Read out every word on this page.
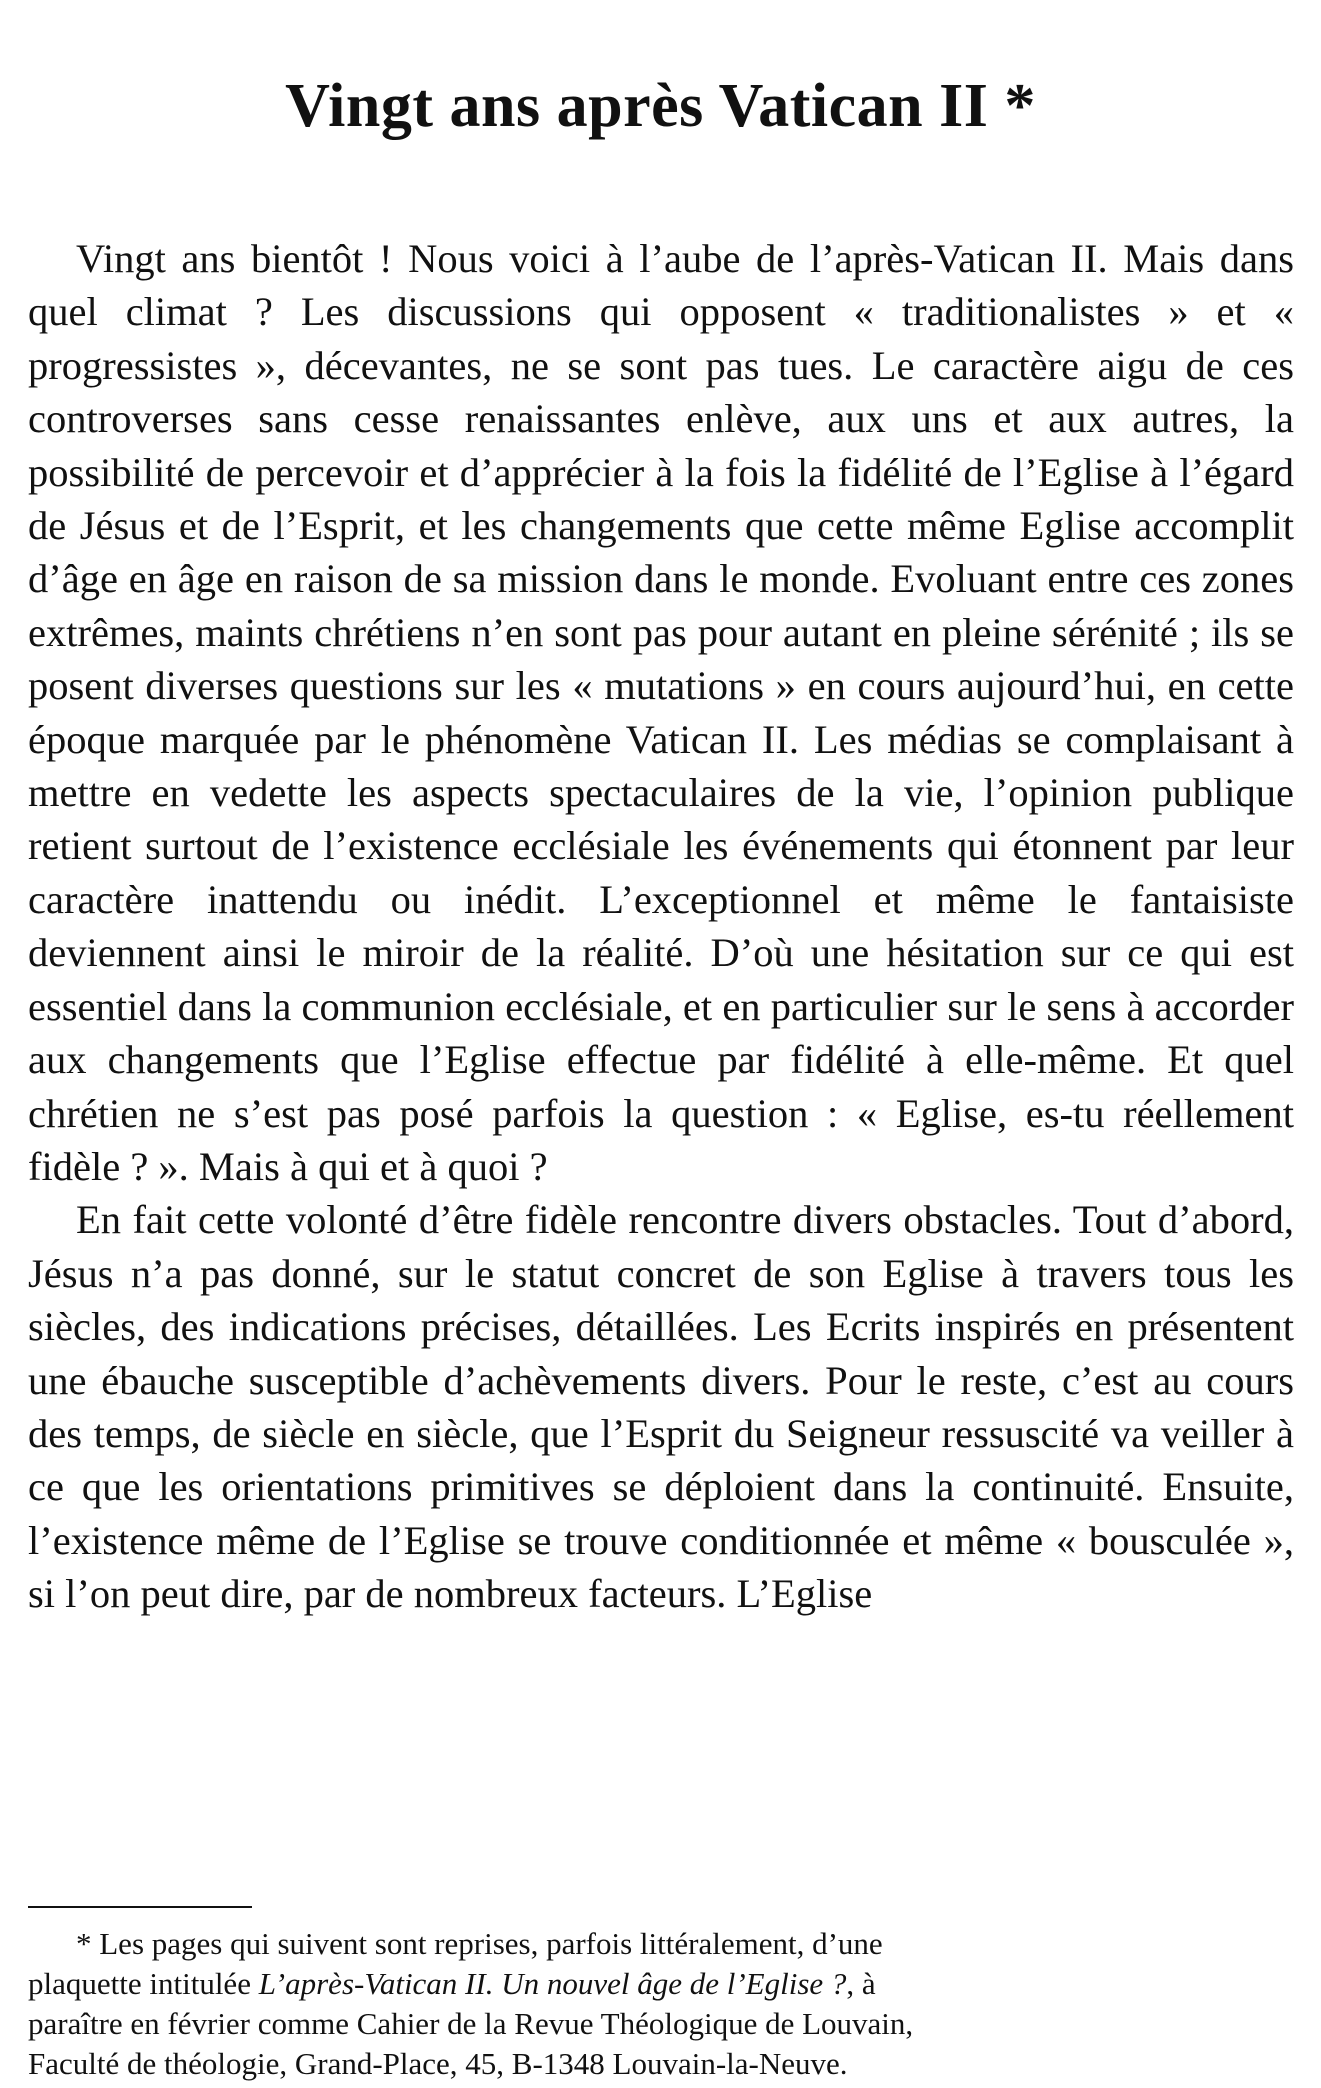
Vingt ans après Vatican II *

Vingt ans bientôt ! Nous voici à l’aube de l’après-Vatican II. Mais dans quel climat ? Les discussions qui opposent « traditionalistes » et « progressistes », décevantes, ne se sont pas tues. Le caractère aigu de ces controverses sans cesse renaissantes enlève, aux uns et aux autres, la possibilité de percevoir et d’apprécier à la fois la fidélité de l’Eglise à l’égard de Jésus et de l’Esprit, et les changements que cette même Eglise accomplit d’âge en âge en raison de sa mission dans le monde. Evoluant entre ces zones extrêmes, maints chrétiens n’en sont pas pour autant en pleine sérénité ; ils se posent diverses questions sur les « mutations » en cours aujourd’hui, en cette époque marquée par le phénomène Vatican II. Les médias se complaisant à mettre en vedette les aspects spectaculaires de la vie, l’opinion publique retient surtout de l’existence ecclésiale les événements qui étonnent par leur caractère inattendu ou inédit. L’exceptionnel et même le fantaisiste deviennent ainsi le miroir de la réalité. D’où une hésitation sur ce qui est essentiel dans la communion ecclésiale, et en particulier sur le sens à accorder aux changements que l’Eglise effectue par fidélité à elle-même. Et quel chrétien ne s’est pas posé parfois la question : « Eglise, es-tu réellement fidèle ? ». Mais à qui et à quoi ?

En fait cette volonté d’être fidèle rencontre divers obstacles. Tout d’abord, Jésus n’a pas donné, sur le statut concret de son Eglise à travers tous les siècles, des indications précises, détaillées. Les Ecrits inspirés en présentent une ébauche susceptible d’achèvements divers. Pour le reste, c’est au cours des temps, de siècle en siècle, que l’Esprit du Seigneur ressuscité va veiller à ce que les orientations primitives se déploient dans la continuité. Ensuite, l’existence même de l’Eglise se trouve conditionnée et même « bousculée », si l’on peut dire, par de nombreux facteurs. L’Eglise

* Les pages qui suivent sont reprises, parfois littéralement, d’une
plaquette intitulée L’après-Vatican II. Un nouvel âge de l’Eglise ?, à
paraître en février comme Cahier de la Revue Théologique de Louvain,
Faculté de théologie, Grand-Place, 45, B-1348 Louvain-la-Neuve.
